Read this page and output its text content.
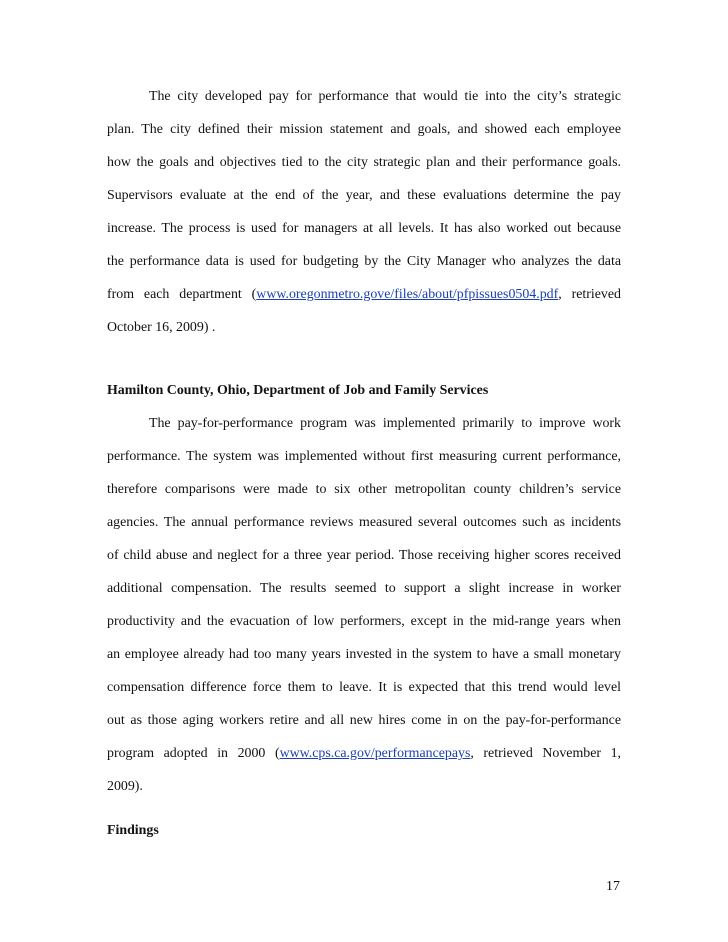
The city developed pay for performance that would tie into the city’s strategic
plan. The city defined their mission statement and goals, and showed each employee
how the goals and objectives tied to the city strategic plan and their performance goals.
Supervisors evaluate at the end of the year, and these evaluations determine the pay
increase. The process is used for managers at all levels. It has also worked out because
the performance data is used for budgeting by the City Manager who analyzes the data
from each department (www.oregonmetro.gove/files/about/pfpissues0504.pdf, retrieved
October 16, 2009) .
Hamilton County, Ohio, Department of Job and Family Services
The pay-for-performance program was implemented primarily to improve work
performance. The system was implemented without first measuring current performance,
therefore comparisons were made to six other metropolitan county children’s service
agencies. The annual performance reviews measured several outcomes such as incidents
of child abuse and neglect for a three year period. Those receiving higher scores received
additional compensation. The results seemed to support a slight increase in worker
productivity and the evacuation of low performers, except in the mid-range years when
an employee already had too many years invested in the system to have a small monetary
compensation difference force them to leave. It is expected that this trend would level
out as those aging workers retire and all new hires come in on the pay-for-performance
program adopted in 2000 (www.cps.ca.gov/performancepays, retrieved November 1,
2009).
Findings
17
